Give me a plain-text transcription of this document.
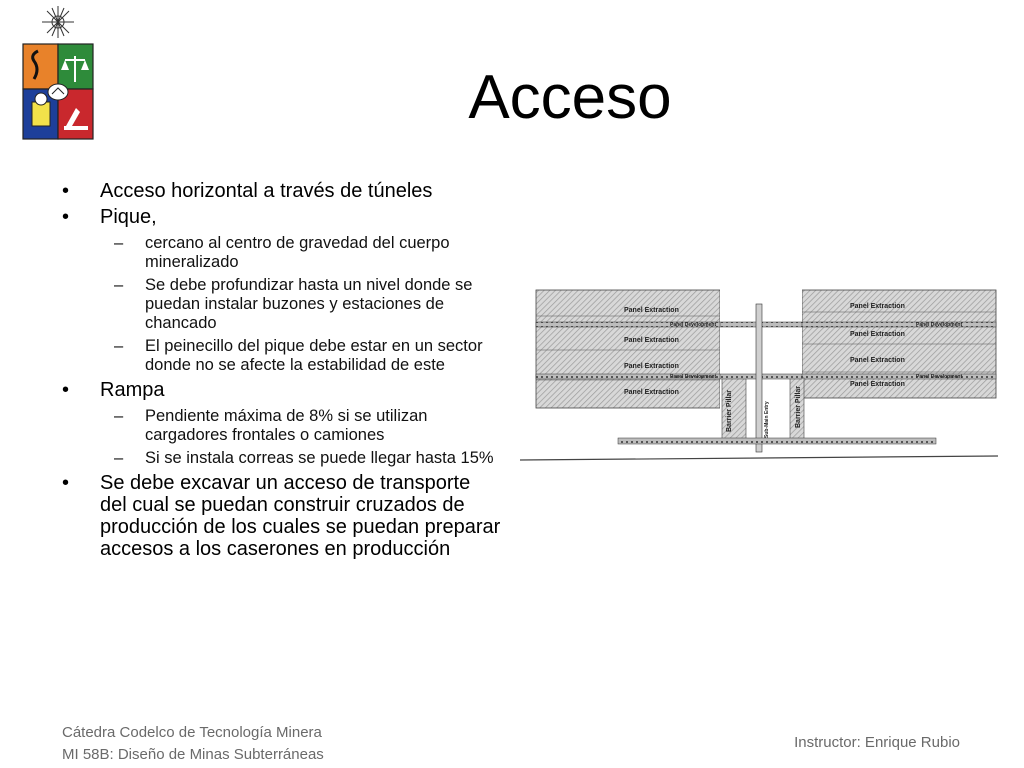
Acceso
•	Acceso horizontal a través de túneles
•	Pique,
–	cercano al centro de gravedad del cuerpo mineralizado
–	Se debe profundizar hasta un nivel donde se puedan instalar buzones y estaciones de chancado
–	El peinecillo del pique debe estar en un sector donde no se afecte la estabilidad de este
•	Rampa
–	Pendiente máxima de 8% si se utilizan cargadores frontales o camiones
–	Si se instala correas se puede llegar hasta 15%
•	Se debe excavar un acceso de transporte del cual se puedan construir cruzados de producción de los cuales se puedan preparar accesos a los caserones en producción
Panel Extraction
Panel Extraction
Panel Extraction
Panel Extraction
Panel Extraction
Panel Extraction
Panel Extraction
Panel Extraction
Panel Development	Panel Development
Panel Development	Panel Development
Barrier Pillar	Barrier Pillar
Sub-Main Entry
Cátedra Codelco de Tecnología Minera
MI 58B: Diseño de Minas Subterráneas
Instructor: Enrique Rubio
